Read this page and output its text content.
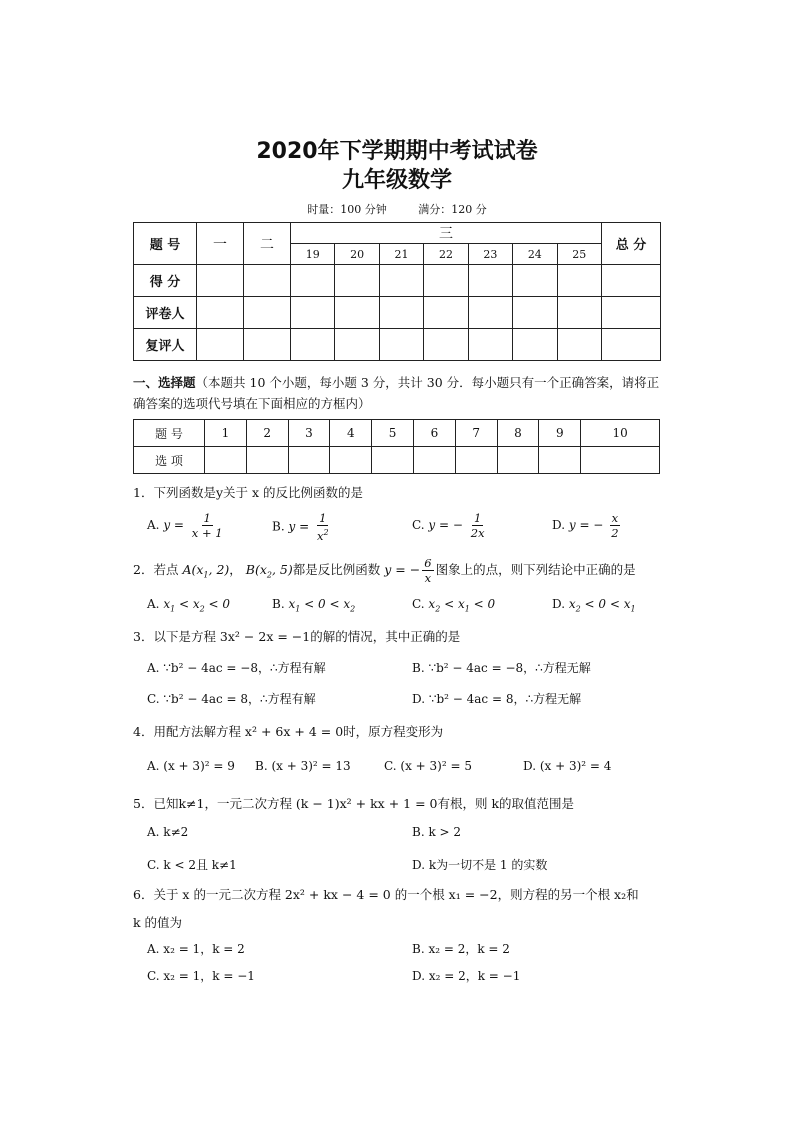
2020年下学期期中考试试卷
九年级数学
时量：100 分钟	满分：120 分
题 号	一	二	三							总 分
			19	20	21	22	23	24	25	
得 分										
评卷人										
复评人										
一、选择题（本题共 10 个小题，每小题 3 分，共计 30 分．每小题只有一个正确答案，请将正确答案的选项代号填在下面相应的方框内）
题 号	1	2	3	4	5	6	7	8	9	10
选 项										
1．下列函数是y关于 x 的反比例函数的是
A. $y = \frac{1}{x + 1}$	B. $y = \frac{1}{x^2}$	C. y = − $\frac{1}{2x}$	D. y = − $\frac{x}{2}$
2．若点 $A(x_1$, 2)， $B(x_2$, 5)都是反比例函数 y = − $\frac{6}{x}$ 图象上的点，则下列结论中正确的是
A. $x_1 < x_2 < 0$	B. $x_1 < 0 < x_2$	C. $x_2 < x_1 < 0$	D. $x_2 < 0 < x_1$
3．以下是方程 3x² − 2x = −1的解的情况，其中正确的是
A. ∵b² − 4ac = −8，∴方程有解	B. ∵b² − 4ac = −8，∴方程无解
C. ∵b² − 4ac = 8，∴方程有解	D. ∵b² − 4ac = 8，∴方程无解
4．用配方法解方程 x² + 6x + 4 = 0时，原方程变形为
A. (x + 3)² = 9 B. (x + 3)² = 13	C. (x + 3)² = 5	D. (x + 3)² = 4
5．已知k≠1，一元二次方程 (k − 1)x² + kx + 1 = 0有根，则 k的取值范围是
A. k≠2	B. k > 2
C. k < 2且 k≠1	D. k为一切不是 1 的实数
6．关于 x 的一元二次方程 2x² + kx − 4 = 0 的一个根 x₁ = −2，则方程的另一个根 x₂和
k 的值为
A. x₂ = 1，k = 2	B. x₂ = 2，k = 2
C. x₂ = 1，k = −1	D. x₂ = 2，k = −1
